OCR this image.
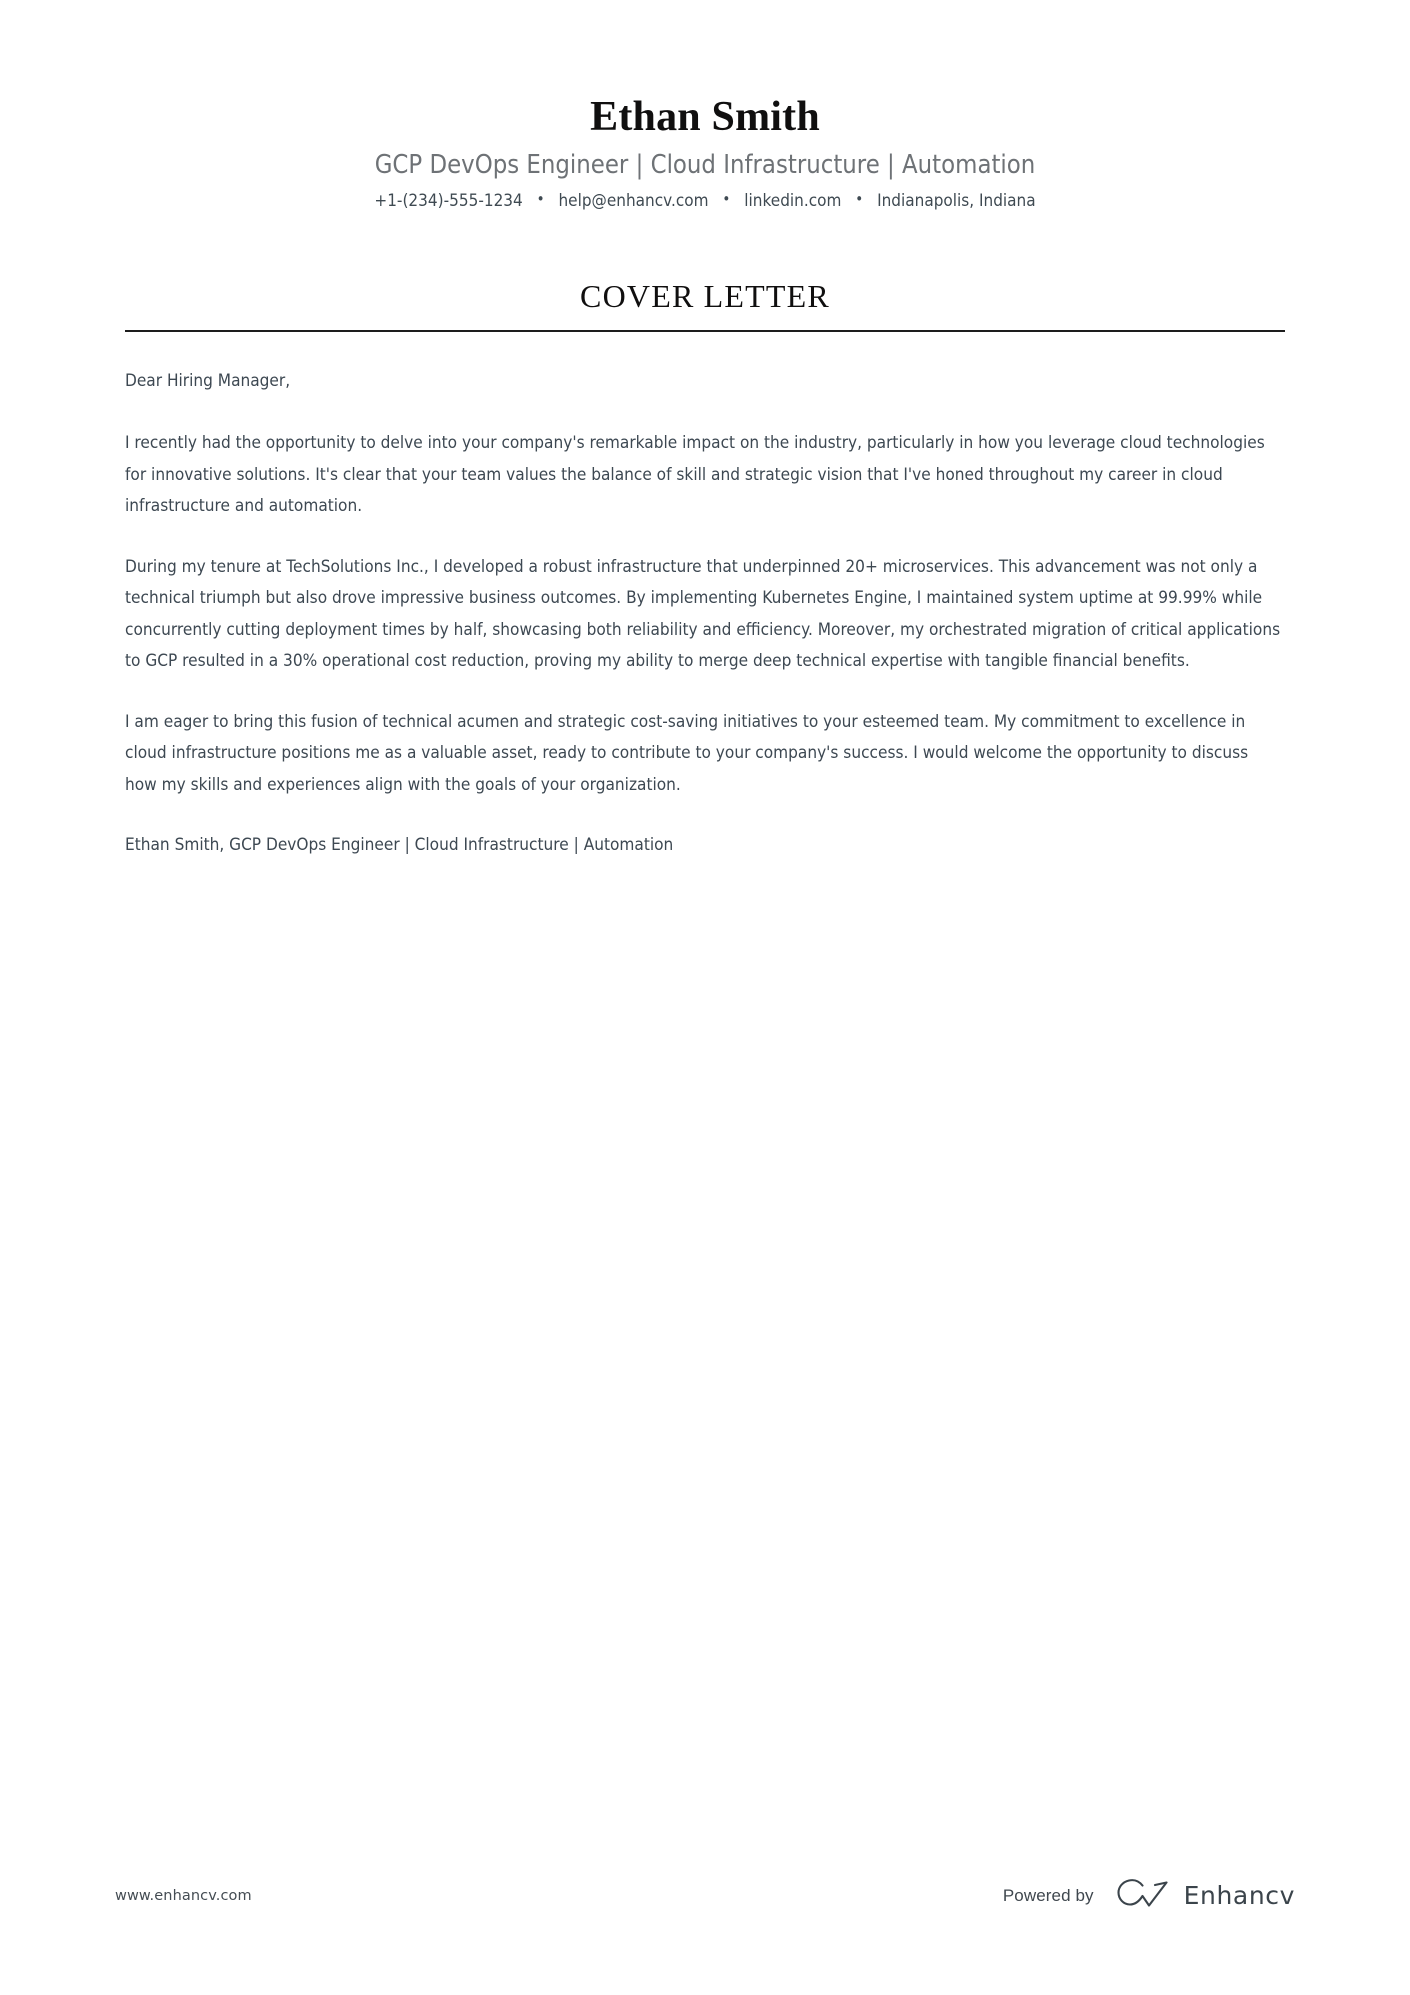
Ethan Smith
GCP DevOps Engineer | Cloud Infrastructure | Automation
+1-(234)-555-1234 • help@enhancv.com • linkedin.com • Indianapolis, Indiana
COVER LETTER

Dear Hiring Manager,

I recently had the opportunity to delve into your company's remarkable impact on the industry, particularly in how you leverage cloud technologies for innovative solutions. It's clear that your team values the balance of skill and strategic vision that I've honed throughout my career in cloud infrastructure and automation.

During my tenure at TechSolutions Inc., I developed a robust infrastructure that underpinned 20+ microservices. This advancement was not only a technical triumph but also drove impressive business outcomes. By implementing Kubernetes Engine, I maintained system uptime at 99.99% while concurrently cutting deployment times by half, showcasing both reliability and efficiency. Moreover, my orchestrated migration of critical applications to GCP resulted in a 30% operational cost reduction, proving my ability to merge deep technical expertise with tangible financial benefits.

I am eager to bring this fusion of technical acumen and strategic cost-saving initiatives to your esteemed team. My commitment to excellence in cloud infrastructure positions me as a valuable asset, ready to contribute to your company's success. I would welcome the opportunity to discuss how my skills and experiences align with the goals of your organization.

Ethan Smith, GCP DevOps Engineer | Cloud Infrastructure | Automation

www.enhancv.com	Powered by	Enhancv
